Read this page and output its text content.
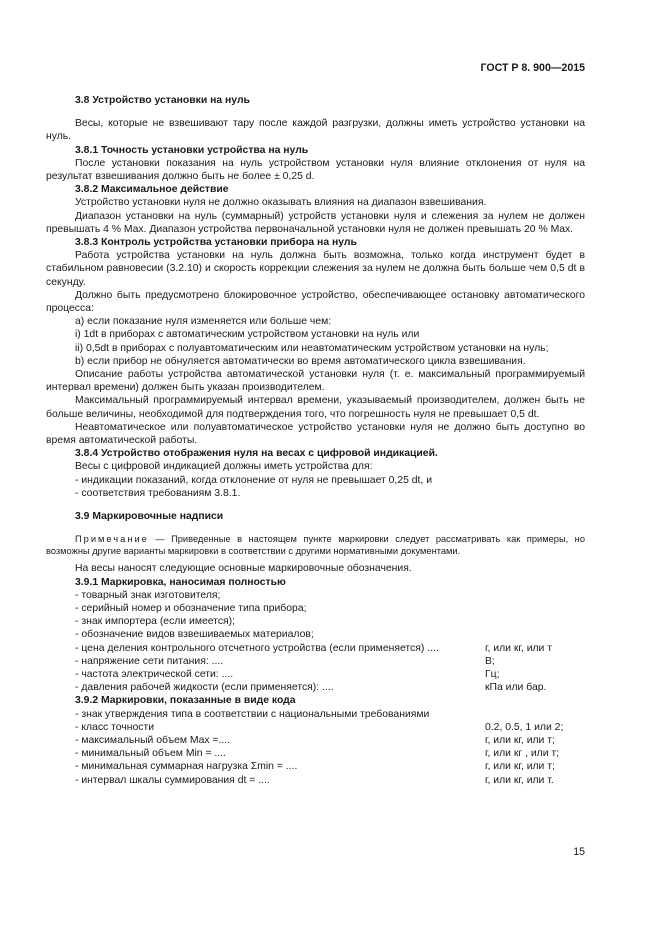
ГОСТ Р 8. 900—2015

3.8 Устройство установки на нуль

Весы, которые не взвешивают тару после каждой разгрузки, должны иметь устройство установки на нуль.

3.8.1 Точность установки устройства на нуль

После установки показания на нуль устройством установки нуля влияние отклонения от нуля на результат взвешивания должно быть не более ± 0,25 d.

3.8.2 Максимальное действие

Устройство установки нуля не должно оказывать влияния на диапазон взвешивания.

Диапазон установки на нуль (суммарный) устройств установки нуля и слежения за нулем не должен превышать 4 % Max. Диапазон устройства первоначальной установки нуля не должен превышать 20 % Max.

3.8.3 Контроль устройства установки прибора на нуль

Работа устройства установки на нуль должна быть возможна, только когда инструмент будет в стабильном равновесии (3.2.10) и скорость коррекции слежения за нулем не должна быть больше чем 0,5 dt в секунду.

Должно быть предусмотрено блокировочное устройство, обеспечивающее остановку автоматического процесса:

а) если показание нуля изменяется или больше чем:

i) 1dt в приборах с автоматическим устройством установки на нуль или

ii) 0,5dt в приборах с полуавтоматическим или неавтоматическим устройством установки на нуль;

b) если прибор не обнуляется автоматически во время автоматического цикла взвешивания.

Описание работы устройства автоматической установки нуля (т. е. максимальный программируемый интервал времени) должен быть указан производителем.

Максимальный программируемый интервал времени, указываемый производителем, должен быть не больше величины, необходимой для подтверждения того, что погрешность нуля не превышает 0,5 dt.

Неавтоматическое или полуавтоматическое устройство установки нуля не должно быть доступно во время автоматической работы.

3.8.4 Устройство отображения нуля на весах с цифровой индикацией.

Весы с цифровой индикацией должны иметь устройства для:

- индикации показаний, когда отклонение от нуля не превышает 0,25 dt, и

- соответствия требованиям 3.8.1.

3.9 Маркировочные надписи

Примечание — Приведенные в настоящем пункте маркировки следует рассматривать как примеры, но возможны другие варианты маркировки в соответствии с другими нормативными документами.

На весы наносят следующие основные маркировочные обозначения.

3.9.1 Маркировка, наносимая полностью

- товарный знак изготовителя;
- серийный номер и обозначение типа прибора;
- знак импортера (если имеется);
- обозначение видов взвешиваемых материалов;
- цена деления контрольного отсчетного устройства (если применяется) ....	г, или кг, или т
- напряжение сети питания: ....	В;
- частота электрической сети: ....	Гц;
- давления рабочей жидкости (если применяется): ....	кПа или бар.

3.9.2 Маркировки, показанные в виде кода

- знак утверждения типа в соответствии с национальными требованиями
- класс точности	0.2, 0.5, 1 или 2;
- максимальный объем Max =....	г, или кг, или т;
- минимальный объем Min = ....	г, или кг , или т;
- минимальная суммарная нагрузка Σmin = ....	г, или кг, или т;
- интервал шкалы суммирования dt = ....	г, или кг, или т.
15
